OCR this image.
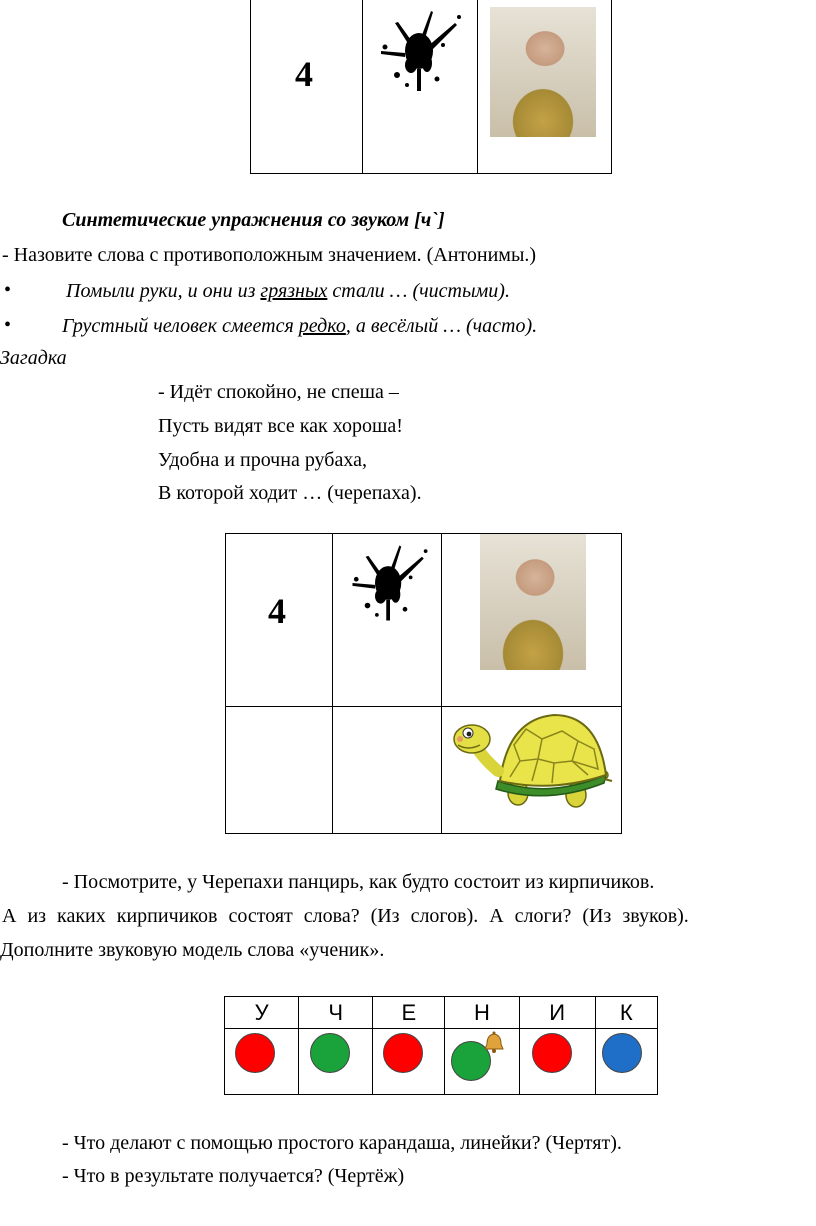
4

Синтетические упражнения со звуком [ч`]
- Назовите слова с противоположным значением. (Антонимы.)
•	Помыли руки, и они из грязных стали … (чистыми).
•	Грустный человек смеется редко, а весёлый … (часто).
Загадка
- Идёт спокойно, не спеша –
Пусть видят все как хороша!
Удобна и прочна рубаха,
В которой ходит … (черепаха).
4

- Посмотрите, у Черепахи панцирь, как будто состоит из кирпичиков.
А из каких кирпичиков состоят слова? (Из слогов). А слоги? (Из звуков).
Дополните звуковую модель слова «ученик».
У	Ч	Е	Н	И	К

- Что делают с помощью простого карандаша, линейки? (Чертят).
- Что в результате получается? (Чертёж)
